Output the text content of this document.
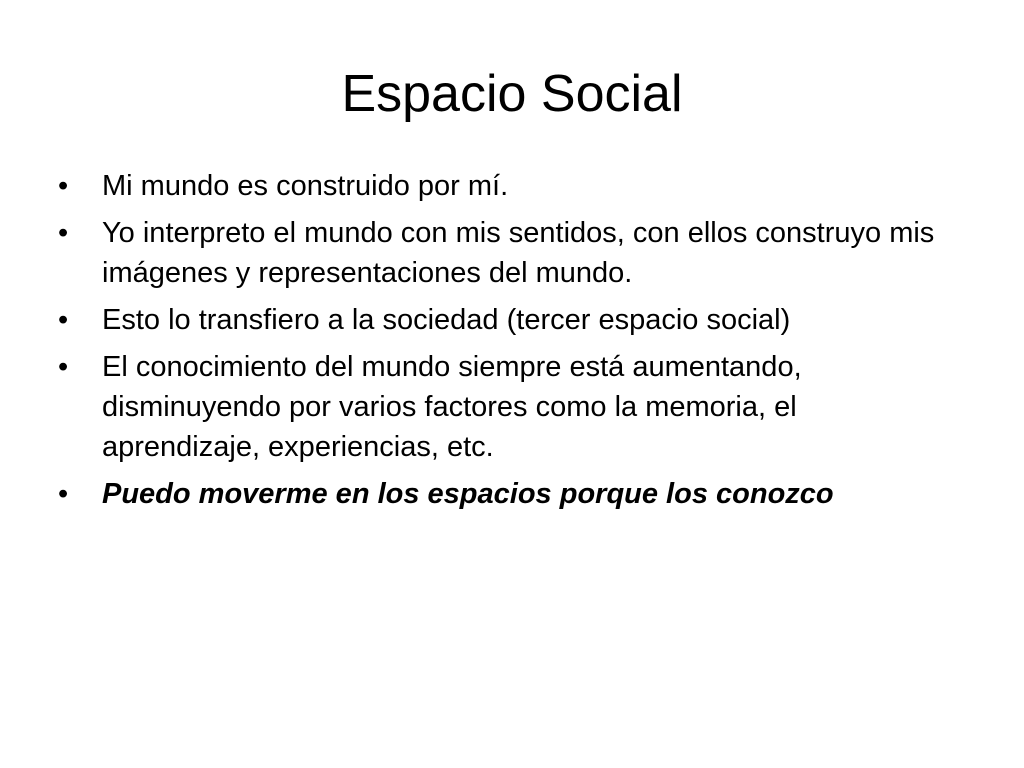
Espacio Social
•	Mi mundo es construido por mí.
•	Yo interpreto el mundo con mis sentidos, con ellos construyo mis imágenes y representaciones del mundo.
•	Esto lo transfiero a la sociedad (tercer espacio social)
•	El conocimiento del mundo siempre está aumentando, disminuyendo por varios factores como la memoria, el aprendizaje, experiencias, etc.
•	Puedo moverme en los espacios porque los conozco
